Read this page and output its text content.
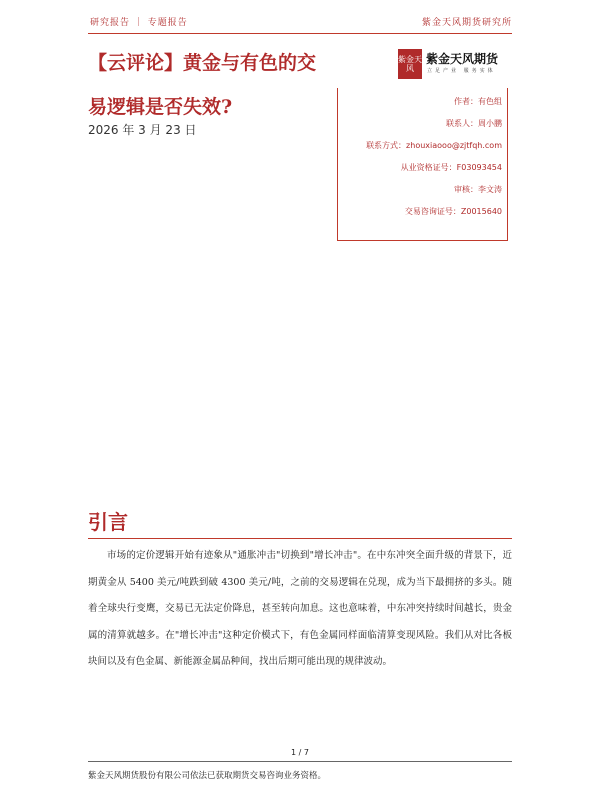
研究报告 ｜ 专题报告	紫金天风期货研究所
【云评论】黄金与有色的交易逻辑是否失效?
2026 年 3 月 23 日
紫金天风
紫金天风期货
立足产业 服务实体
作者：有色组
联系人：周小鹏
联系方式：zhouxiaooo@zjtfqh.com
从业资格证号：F03093454
审核：李文涛
交易咨询证号：Z0015640
引言

市场的定价逻辑开始有迹象从"通胀冲击"切换到"增长冲击"。在中东冲突全面升级的背景下，近期黄金从 5400 美元/吨跌到破 4300 美元/吨，之前的交易逻辑在兑现，成为当下最拥挤的多头。随着全球央行变鹰，交易已无法定价降息，甚至转向加息。这也意味着，中东冲突持续时间越长，贵金属的清算就越多。在"增长冲击"这种定价模式下，有色金属同样面临清算变现风险。我们从对比各板块间以及有色金属、新能源金属品种间，找出后期可能出现的规律波动。

1 / 7
紫金天风期货股份有限公司依法已获取期货交易咨询业务资格。
